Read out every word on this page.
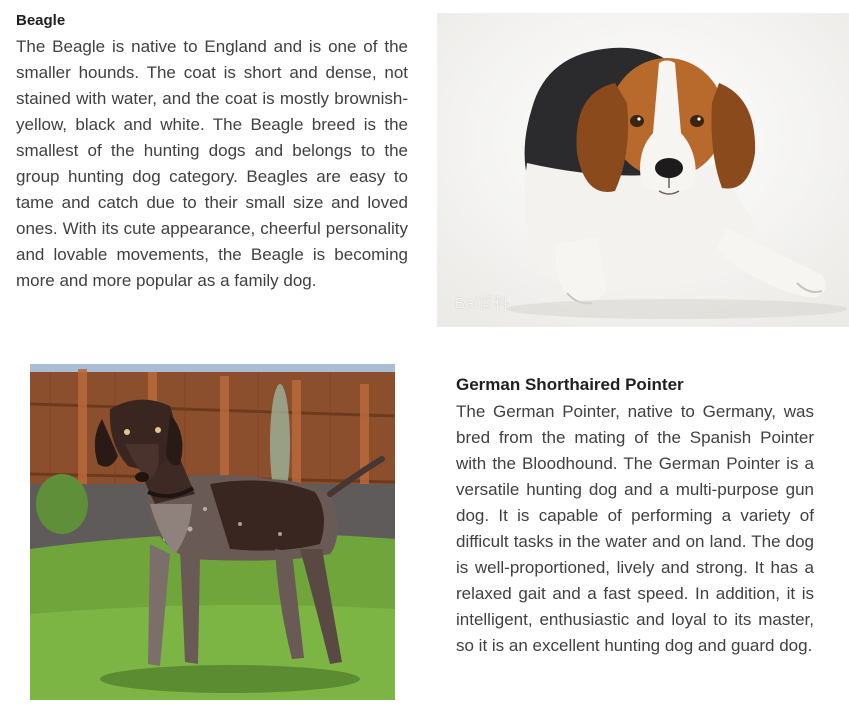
Beagle

The Beagle is native to England and is one of the smaller hounds. The coat is short and dense, not stained with water, and the coat is mostly brownish-yellow, black and white. The Beagle breed is the smallest of the hunting dogs and belongs to the group hunting dog category. Beagles are easy to tame and catch due to their small size and loved ones. With its cute appearance, cheerful personality and lovable movements, the Beagle is becoming more and more popular as a family dog.

Bai百科
German Shorthaired Pointer

The German Pointer, native to Germany, was bred from the mating of the Spanish Pointer with the Bloodhound. The German Pointer is a versatile hunting dog and a multi-purpose gun dog. It is capable of performing a variety of difficult tasks in the water and on land. The dog is well-proportioned, lively and strong. It has a relaxed gait and a fast speed. In addition, it is intelligent, enthusiastic and loyal to its master, so it is an excellent hunting dog and guard dog.
